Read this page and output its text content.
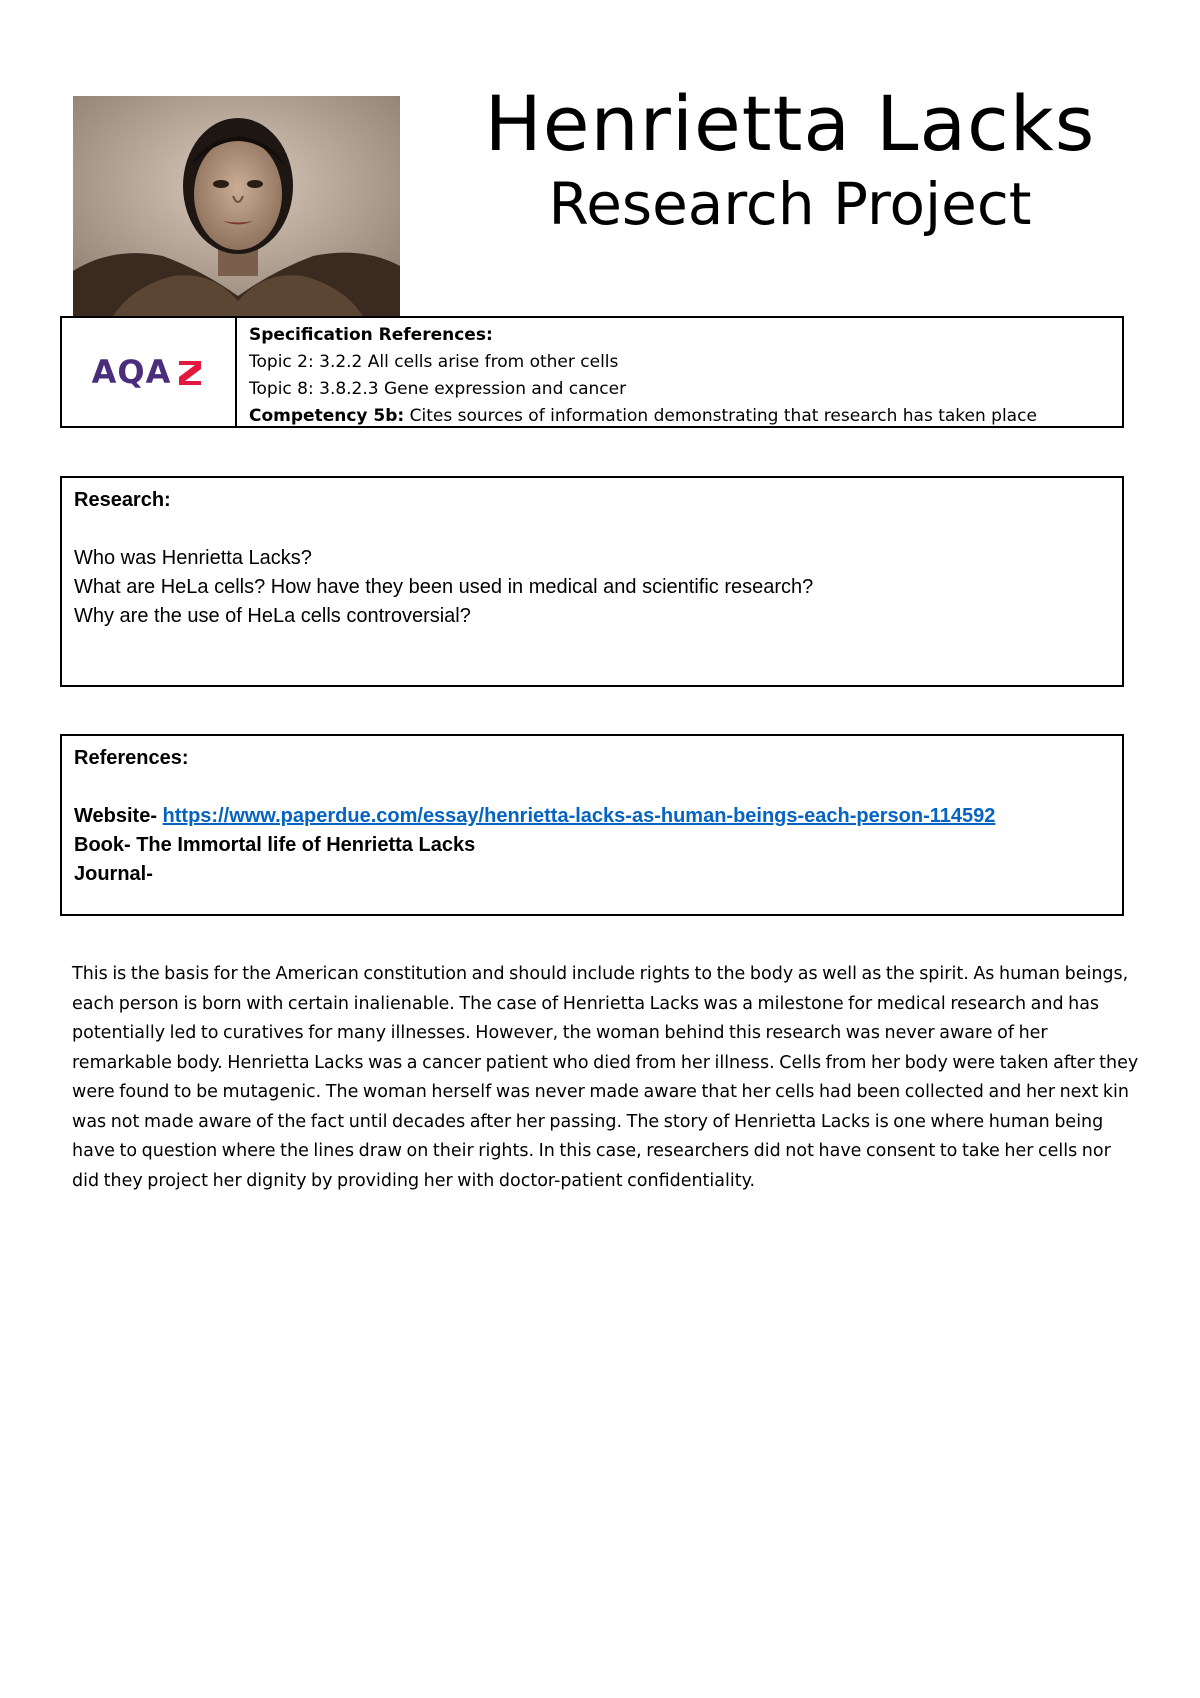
Henrietta Lacks
Research Project
AQA
Specification References:
Topic 2: 3.2.2 All cells arise from other cells
Topic 8: 3.8.2.3 Gene expression and cancer
Competency 5b: Cites sources of information demonstrating that research has taken place
Research:
Who was Henrietta Lacks?
What are HeLa cells? How have they been used in medical and scientific research?
Why are the use of HeLa cells controversial?
References:
Website- https://www.paperdue.com/essay/henrietta-lacks-as-human-beings-each-person-114592
Book- The Immortal life of Henrietta Lacks
Journal-
This is the basis for the American constitution and should include rights to the body as well as the spirit. As human beings, each person is born with certain inalienable. The case of Henrietta Lacks was a milestone for medical research and has potentially led to curatives for many illnesses. However, the woman behind this research was never aware of her remarkable body. Henrietta Lacks was a cancer patient who died from her illness. Cells from her body were taken after they were found to be mutagenic. The woman herself was never made aware that her cells had been collected and her next kin was not made aware of the fact until decades after her passing. The story of Henrietta Lacks is one where human being have to question where the lines draw on their rights. In this case, researchers did not have consent to take her cells nor did they project her dignity by providing her with doctor-patient confidentiality.
